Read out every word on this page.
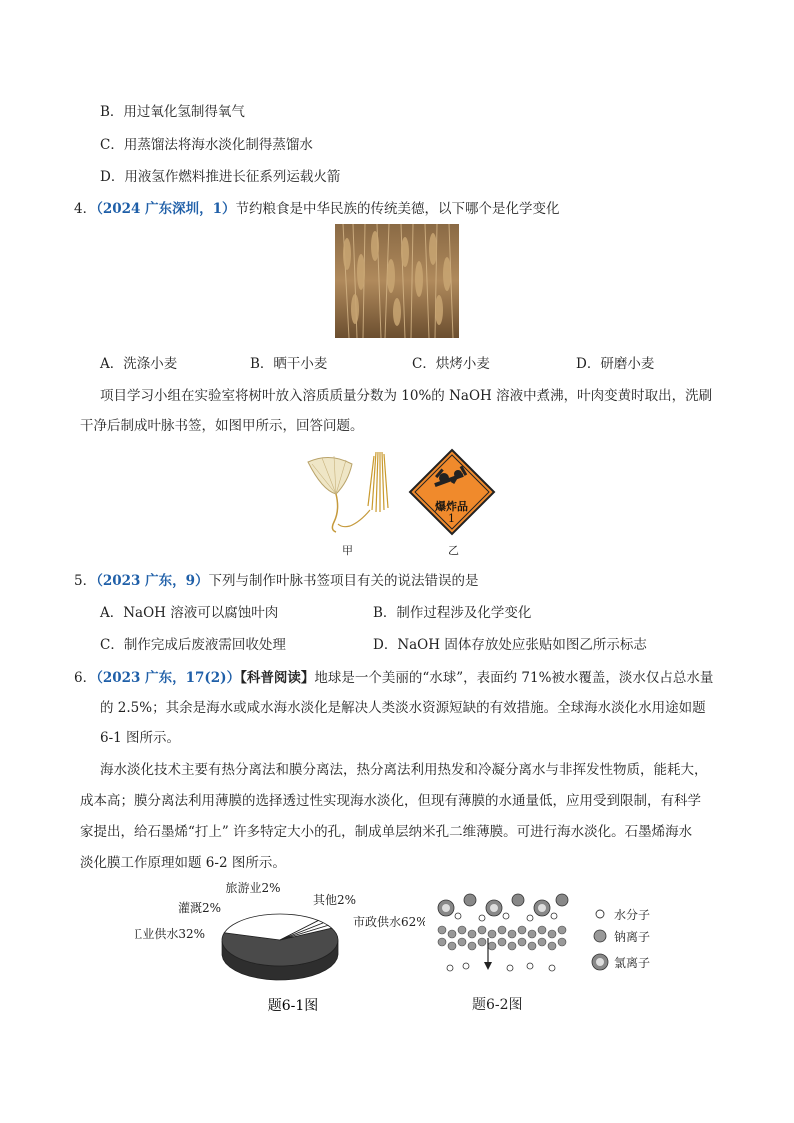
B．用过氧化氢制得氧气
C．用蒸馏法将海水淡化制得蒸馏水
D．用液氢作燃料推进长征系列运载火箭
4．（2024 广东深圳，1）节约粮食是中华民族的传统美德，以下哪个是化学变化
A．洗涤小麦	B．晒干小麦	C．烘烤小麦	D．研磨小麦
项目学习小组在实验室将树叶放入溶质质量分数为 10%的 NaOH 溶液中煮沸，叶肉变黄时取出，洗刷
干净后制成叶脉书签，如图甲所示，回答问题。
甲
爆炸品
1
乙
5．（2023 广东，9）下列与制作叶脉书签项目有关的说法错误的是
A．NaOH 溶液可以腐蚀叶肉	B．制作过程涉及化学变化
C．制作完成后废液需回收处理	D．NaOH 固体存放处应张贴如图乙所示标志
6．（2023 广东，17(2)）【科普阅读】地球是一个美丽的“水球”，表面约 71%被水覆盖，淡水仅占总水量
的 2.5%；其余是海水或咸水海水淡化是解决人类淡水资源短缺的有效措施。全球海水淡化水用途如题
6-1 图所示。
海水淡化技术主要有热分离法和膜分离法，热分离法利用热发和冷凝分离水与非挥发性物质，能耗大，
成本高；膜分离法利用薄膜的选择透过性实现海水淡化，但现有薄膜的水通量低，应用受到限制，有科学
家提出，给石墨烯“打上” 许多特定大小的孔，制成单层纳米孔二维薄膜。可进行海水淡化。石墨烯海水
淡化膜工作原理如题 6-2 图所示。
市政供水62%
工业供水32%
灌溉2%
旅游业2%
其他2%
题6-1图
水分子
钠离子
氯离子
题6-2图
